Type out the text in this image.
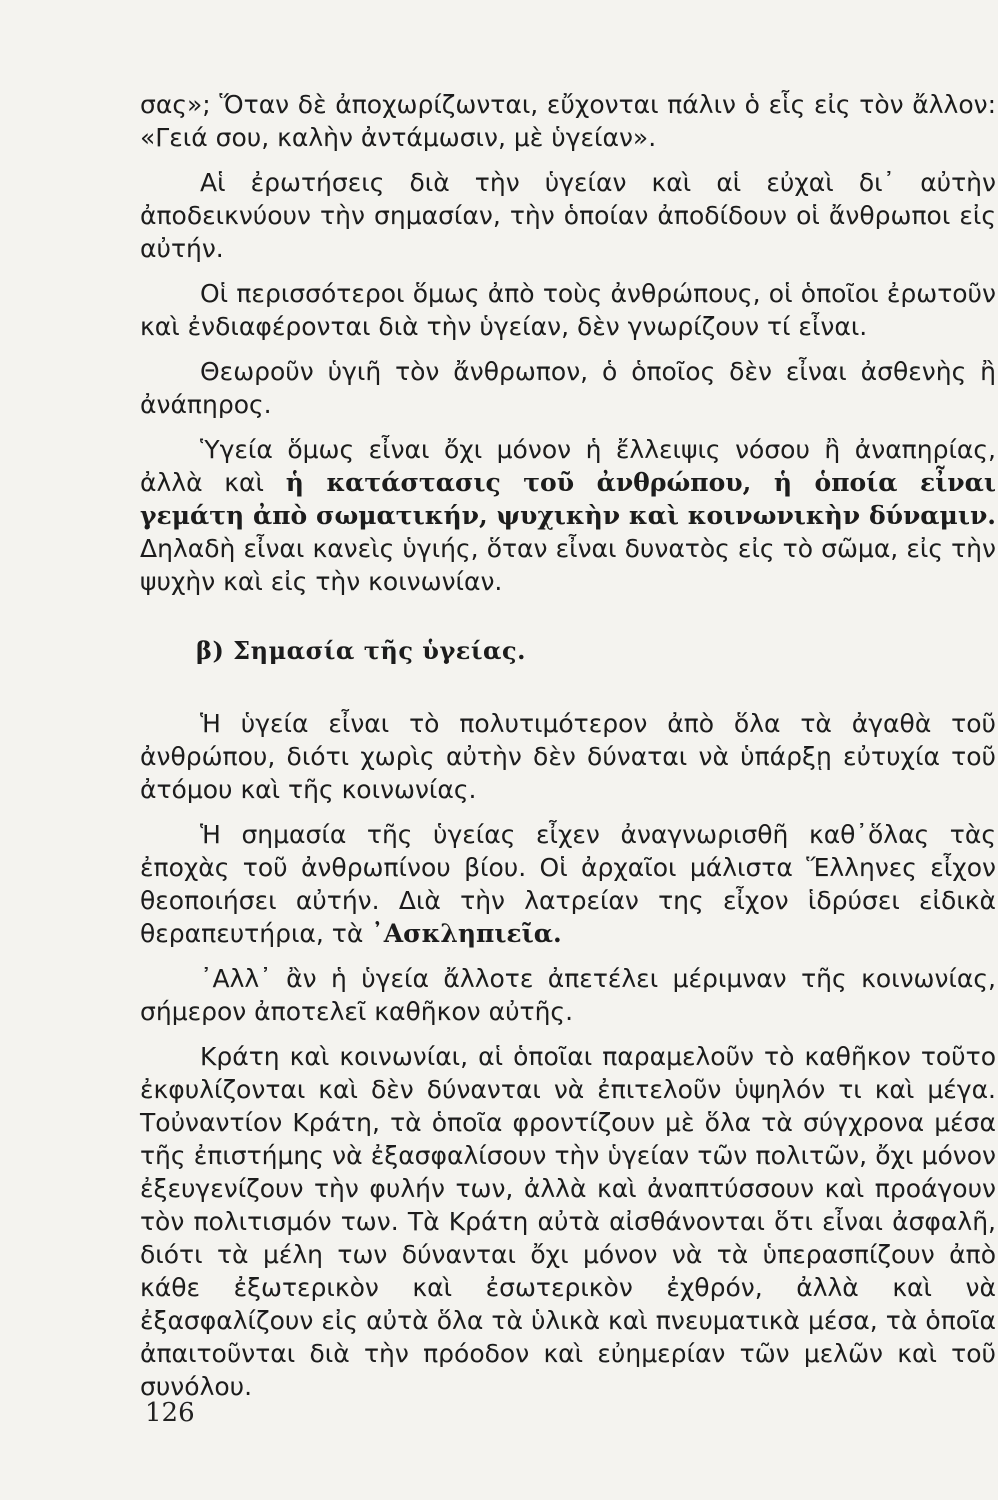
σας»; Ὅταν δὲ ἀποχωρίζωνται, εὔχονται πάλιν ὁ εἷς εἰς τὸν ἄλλον: «Γειά σου, καλὴν ἀντάμωσιν, μὲ ὑγείαν».

Αἱ ἐρωτήσεις διὰ τὴν ὑγείαν καὶ αἱ εὐχαὶ δι᾽ αὐτὴν ἀποδεικνύουν τὴν σημασίαν, τὴν ὁποίαν ἀποδίδουν οἱ ἄνθρωποι εἰς αὐτήν.

Οἱ περισσότεροι ὅμως ἀπὸ τοὺς ἀνθρώπους, οἱ ὁποῖοι ἐρωτοῦν καὶ ἐνδιαφέρονται διὰ τὴν ὑγείαν, δὲν γνωρίζουν τί εἶναι.

Θεωροῦν ὑγιῆ τὸν ἄνθρωπον, ὁ ὁποῖος δὲν εἶναι ἀσθενὴς ἢ ἀνάπηρος.

Ὑγεία ὅμως εἶναι ὄχι μόνον ἡ ἔλλειψις νόσου ἢ ἀναπηρίας, ἀλλὰ καὶ ἡ κατάστασις τοῦ ἀνθρώπου, ἡ ὁποία εἶναι γεμάτη ἀπὸ σωματικήν, ψυχικὴν καὶ κοινωνικὴν δύναμιν. Δηλαδὴ εἶναι κανεὶς ὑγιής, ὅταν εἶναι δυνατὸς εἰς τὸ σῶμα, εἰς τὴν ψυχὴν καὶ εἰς τὴν κοινωνίαν.

β) Σημασία τῆς ὑγείας.

Ἡ ὑγεία εἶναι τὸ πολυτιμότερον ἀπὸ ὅλα τὰ ἀγαθὰ τοῦ ἀνθρώπου, διότι χωρὶς αὐτὴν δὲν δύναται νὰ ὑπάρξῃ εὐτυχία τοῦ ἀτόμου καὶ τῆς κοινωνίας.

Ἡ σημασία τῆς ὑγείας εἶχεν ἀναγνωρισθῆ καθ᾽ὅλας τὰς ἐποχὰς τοῦ ἀνθρωπίνου βίου. Οἱ ἀρχαῖοι μάλιστα Ἕλληνες εἶχον θεοποιήσει αὐτήν. Διὰ τὴν λατρείαν της εἶχον ἱδρύσει εἰδικὰ θεραπευτήρια, τὰ ᾽Ασκληπιεῖα.

᾽Αλλ᾽ ἂν ἡ ὑγεία ἄλλοτε ἀπετέλει μέριμναν τῆς κοινωνίας, σήμερον ἀποτελεῖ καθῆκον αὐτῆς.

Κράτη καὶ κοινωνίαι, αἱ ὁποῖαι παραμελοῦν τὸ καθῆκον τοῦτο ἐκφυλίζονται καὶ δὲν δύνανται νὰ ἐπιτελοῦν ὑψηλόν τι καὶ μέγα. Τοὐναντίον Κράτη, τὰ ὁποῖα φροντίζουν μὲ ὅλα τὰ σύγχρονα μέσα τῆς ἐπιστήμης νὰ ἐξασφαλίσουν τὴν ὑγείαν τῶν πολιτῶν, ὄχι μόνον ἐξευγενίζουν τὴν φυλήν των, ἀλλὰ καὶ ἀναπτύσσουν καὶ προάγουν τὸν πολιτισμόν των. Τὰ Κράτη αὐτὰ αἰσθάνονται ὅτι εἶναι ἀσφαλῆ, διότι τὰ μέλη των δύνανται ὄχι μόνον νὰ τὰ ὑπερασπίζουν ἀπὸ κάθε ἐξωτερικὸν καὶ ἐσωτερικὸν ἐχθρόν, ἀλλὰ καὶ νὰ ἐξασφαλίζουν εἰς αὐτὰ ὅλα τὰ ὑλικὰ καὶ πνευματικὰ μέσα, τὰ ὁποῖα ἀπαιτοῦνται διὰ τὴν πρόοδον καὶ εὐημερίαν τῶν μελῶν καὶ τοῦ συνόλου.

126
